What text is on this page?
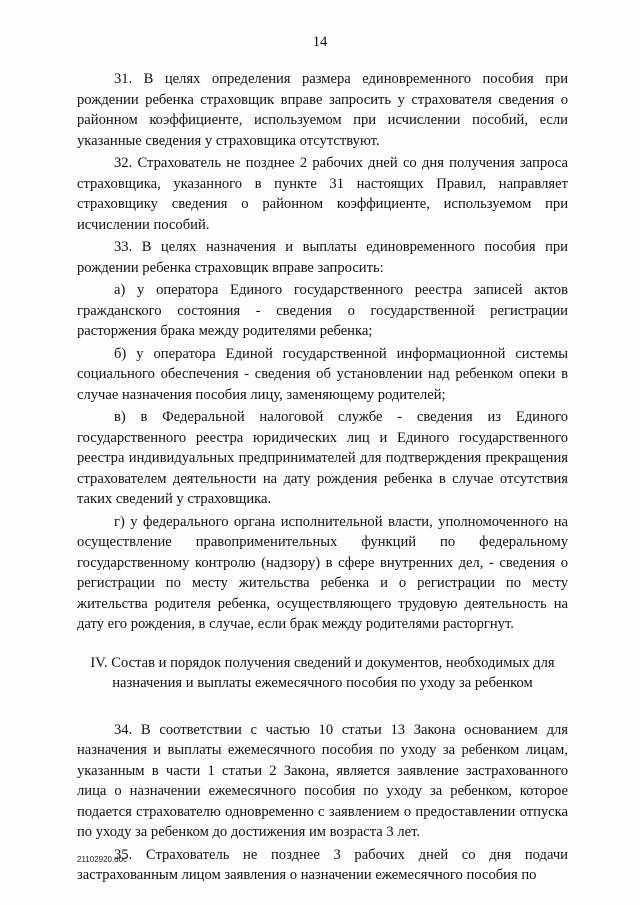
14

31. В целях определения размера единовременного пособия при рождении ребенка страховщик вправе запросить у страхователя сведения о районном коэффициенте, используемом при исчислении пособий, если указанные сведения у страховщика отсутствуют.

32. Страхователь не позднее 2 рабочих дней со дня получения запроса страховщика, указанного в пункте 31 настоящих Правил, направляет страховщику сведения о районном коэффициенте, используемом при исчислении пособий.

33. В целях назначения и выплаты единовременного пособия при рождении ребенка страховщик вправе запросить:

а) у оператора Единого государственного реестра записей актов гражданского состояния - сведения о государственной регистрации расторжения брака между родителями ребенка;

б) у оператора Единой государственной информационной системы социального обеспечения - сведения об установлении над ребенком опеки в случае назначения пособия лицу, заменяющему родителей;

в) в Федеральной налоговой службе - сведения из Единого государственного реестра юридических лиц и Единого государственного реестра индивидуальных предпринимателей для подтверждения прекращения страхователем деятельности на дату рождения ребенка в случае отсутствия таких сведений у страховщика.

г) у федерального органа исполнительной власти, уполномоченного на осуществление правоприменительных функций по федеральному государственному контролю (надзору) в сфере внутренних дел, - сведения о регистрации по месту жительства ребенка и о регистрации по месту жительства родителя ребенка, осуществляющего трудовую деятельность на дату его рождения, в случае, если брак между родителями расторгнут.

IV. Состав и порядок получения сведений и документов, необходимых для
назначения и выплаты ежемесячного пособия по уходу за ребенком

34. В соответствии с частью 10 статьи 13 Закона основанием для назначения и выплаты ежемесячного пособия по уходу за ребенком лицам, указанным в части 1 статьи 2 Закона, является заявление застрахованного лица о назначении ежемесячного пособия по уходу за ребенком, которое подается страхователю одновременно с заявлением о предоставлении отпуска по уходу за ребенком до достижения им возраста 3 лет.

35. Страхователь не позднее 3 рабочих дней со дня подачи застрахованным лицом заявления о назначении ежемесячного пособия по

21102920.doc
